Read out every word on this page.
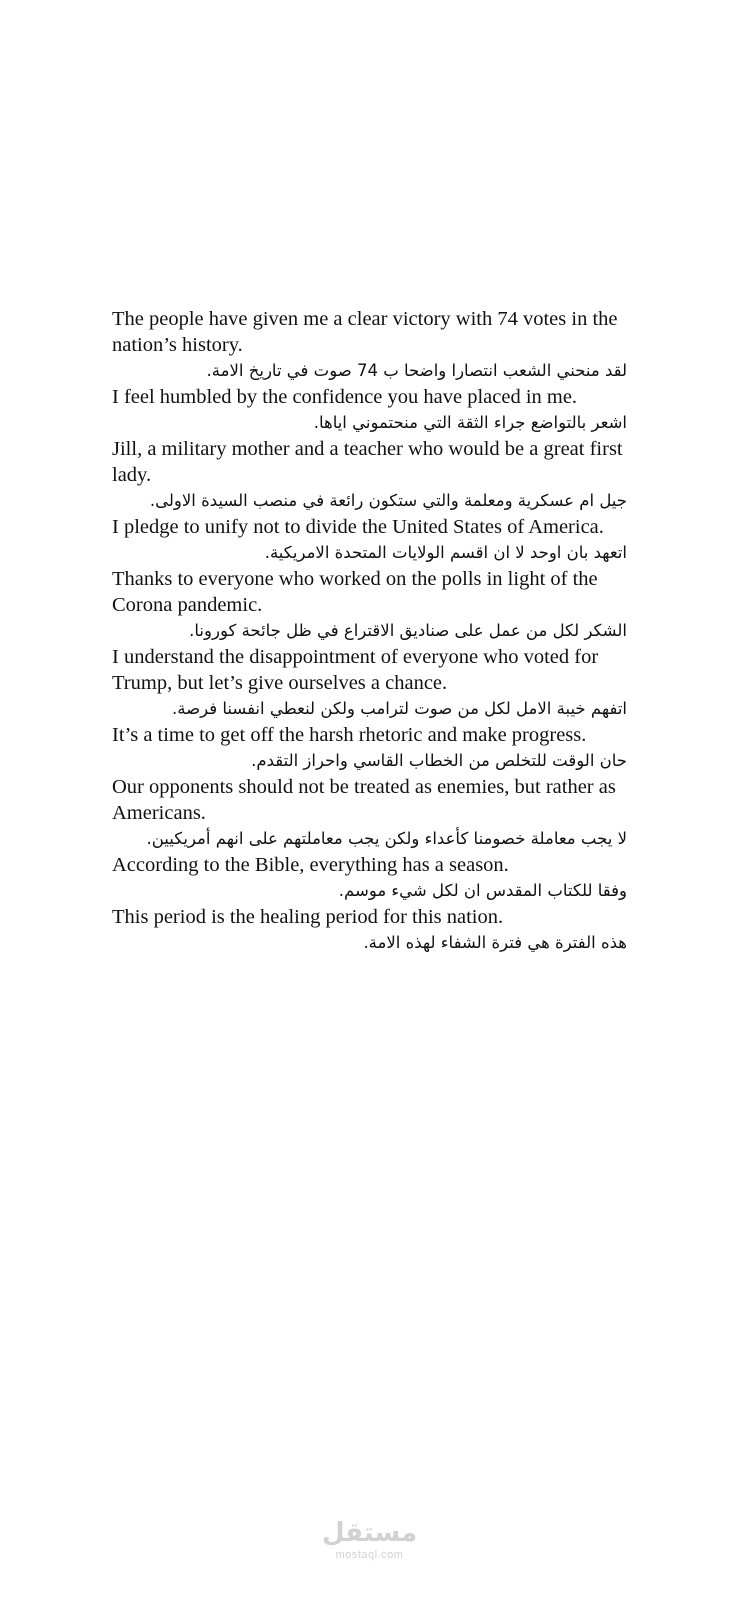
The people have given me a clear victory with 74 votes in the nation’s history.

لقد منحني الشعب انتصارا واضحا ب 74 صوت في تاريخ الامة.

I feel humbled by the confidence you have placed in me.

اشعر بالتواضع جراء الثقة التي منحتموني اياها.

Jill, a military mother and a teacher who would be a great first lady.

جيل ام عسكرية ومعلمة والتي ستكون رائعة في منصب السيدة الاولى.

I pledge to unify not to divide the United States of America.

.اتعهد بان اوحد لا ان اقسم الولايات المتحدة الامريكية

Thanks to everyone who worked on the polls in light of the Corona pandemic.

.الشكر لكل من عمل على صناديق الاقتراع في ظل جائحة كورونا

I understand the disappointment of everyone who voted for Trump, but let’s give ourselves a chance.

اتفهم خيبة الامل لكل من صوت لترامب ولكن لنعطي انفسنا فرصة.

It’s a time to get off the harsh rhetoric and make progress.

حان الوقت للتخلص من الخطاب القاسي واحراز التقدم.

Our opponents should not be treated as enemies, but rather as Americans.

لا يجب معاملة خصومنا كأعداء ولكن يجب معاملتهم على انهم أمريكيين.

According to the Bible, everything has a season.

وفقا للكتاب المقدس ان لكل شيء موسم.

This period is the healing period for this nation.

هذه الفترة هي فترة الشفاء لهذه الامة.

مستقل
mostaql.com
